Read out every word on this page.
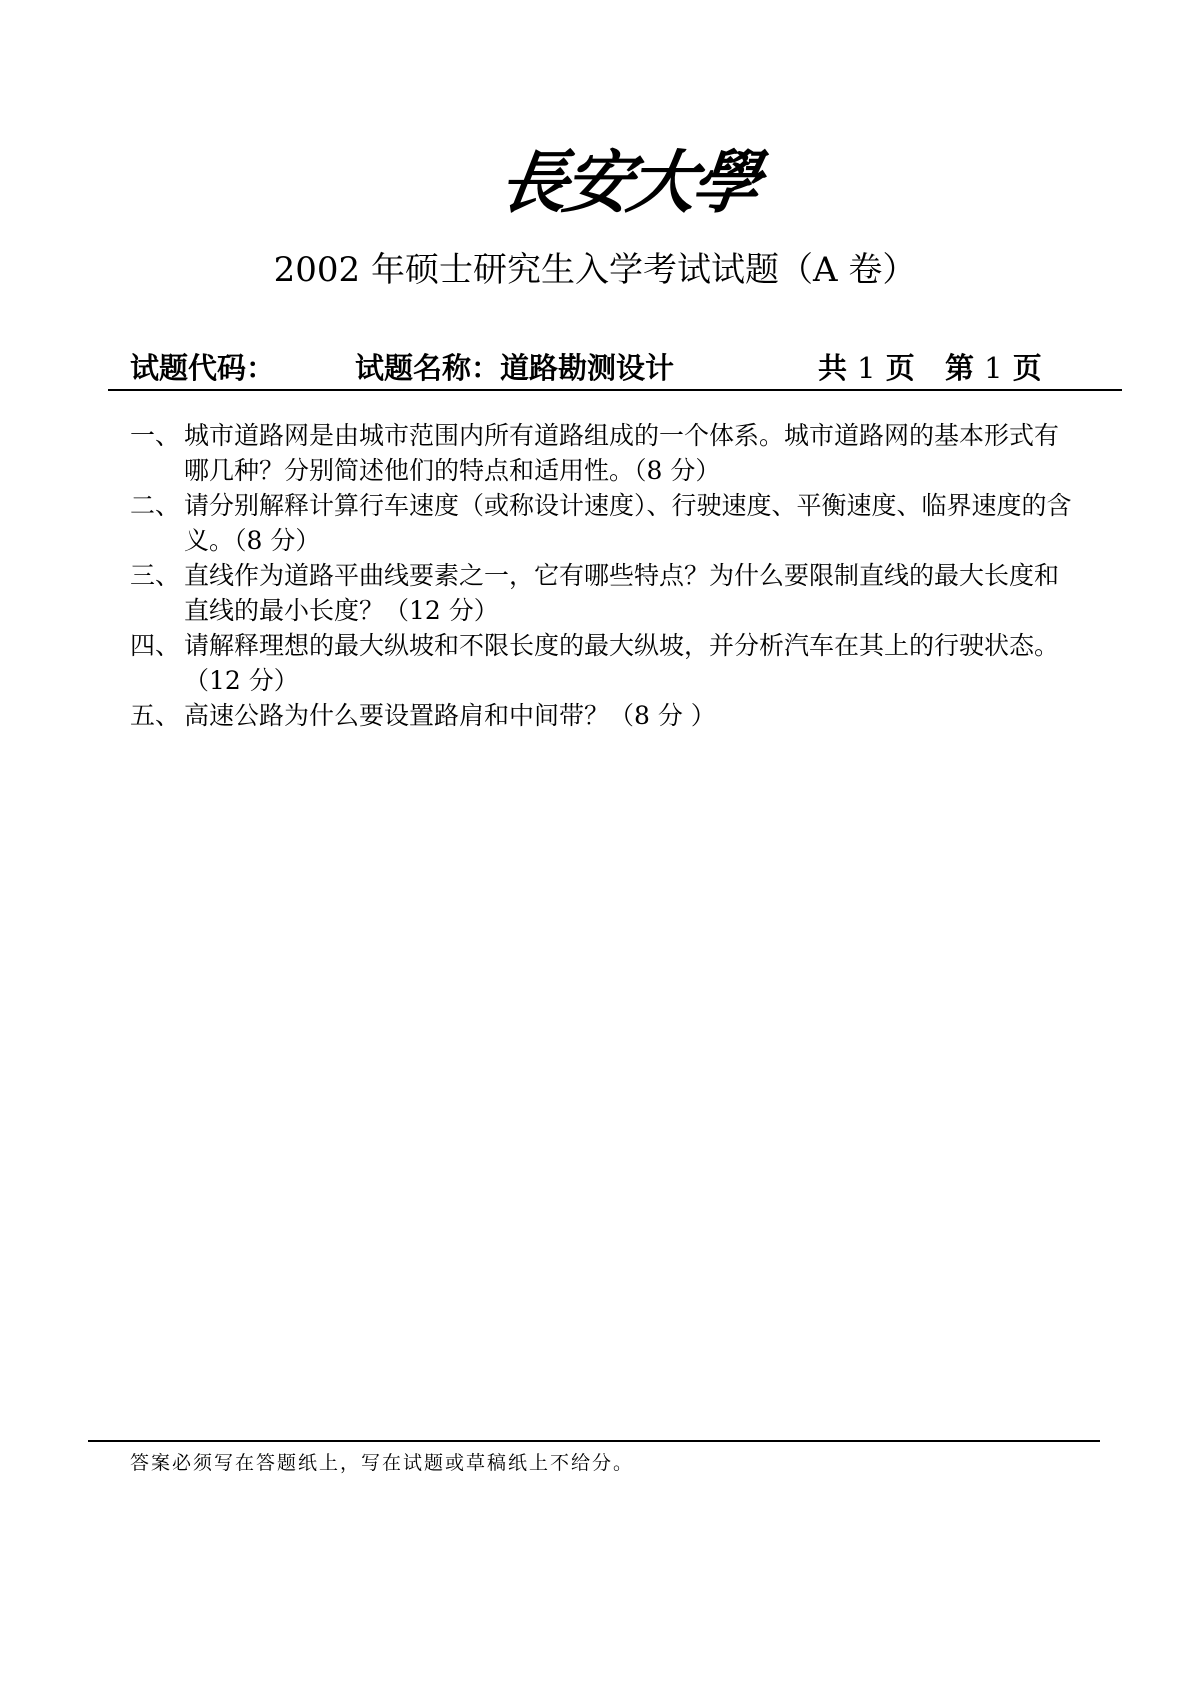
長安大學
2002 年硕士研究生入学考试试题（A 卷）
试题代码：	试题名称：道路勘测设计	共 1 页 第 1 页
一、 城市道路网是由城市范围内所有道路组成的一个体系。城市道路网的基本形式有哪几种？分别简述他们的特点和适用性。（8 分）
二、 请分别解释计算行车速度（或称设计速度）、行驶速度、平衡速度、临界速度的含义。（8 分）
三、 直线作为道路平曲线要素之一，它有哪些特点？为什么要限制直线的最大长度和直线的最小长度？（12 分）
四、 请解释理想的最大纵坡和不限长度的最大纵坡，并分析汽车在其上的行驶状态。（12 分）
五、 高速公路为什么要设置路肩和中间带？（8 分 ）
答案必须写在答题纸上，写在试题或草稿纸上不给分。
